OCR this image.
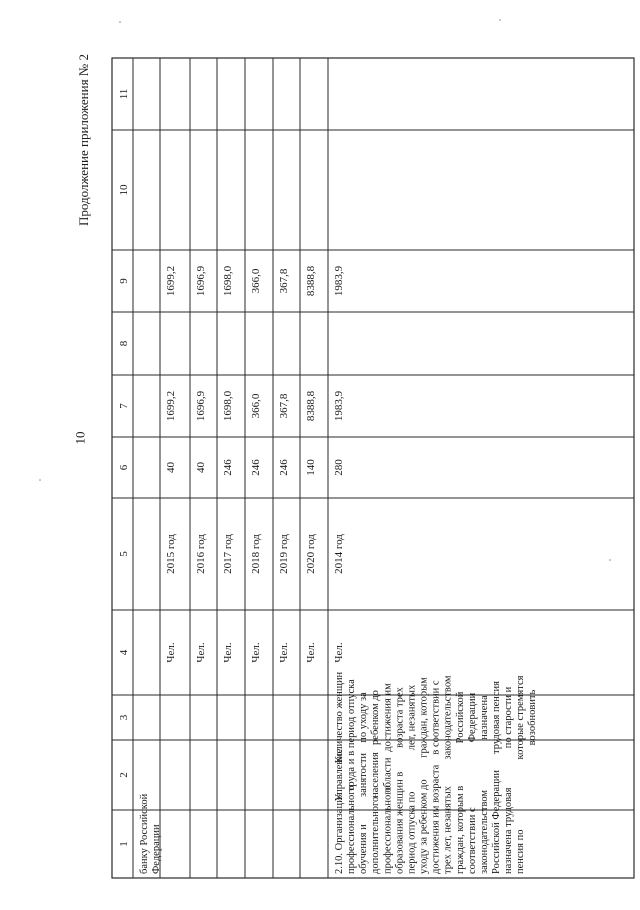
1
2
3
4
5
6
7
8
9
10
11
банку РоссийскойФедерации
Чел.
2015 год
40
1699,2
1699,2
Чел.
2016 год
40
1696,9
1696,9
Чел.
2017 год
246
1698,0
1698,0
Чел.
2018 год
246
366,0
366,0
Чел.
2019 год
246
367,8
367,8
Чел.
2020 год
140
8388,8
8388,8
2.10. Организацияпрофессиональногообучения идополнительногопрофессиональногообразования женщин впериод отпуска поуходу за ребенком додостижения им возрастатрех лет, незанятыхграждан, которым всоответствии сзаконодательствомРоссийской Федерацииназначена трудоваяпенсия по
Управлениетруда изанятостинаселенияобласти
Количество женщинв период отпускапо уходу заребенком додостижения имвозраста трехлет, незанятыхграждан, которымв соответствии сзаконодательствомРоссийскойФедерацииназначенатрудовая пенсияпо старости икоторые стремятсявозобновить
Чел.
2014 год
280
1983,9
1983,9
Продолжение приложения № 2
10
